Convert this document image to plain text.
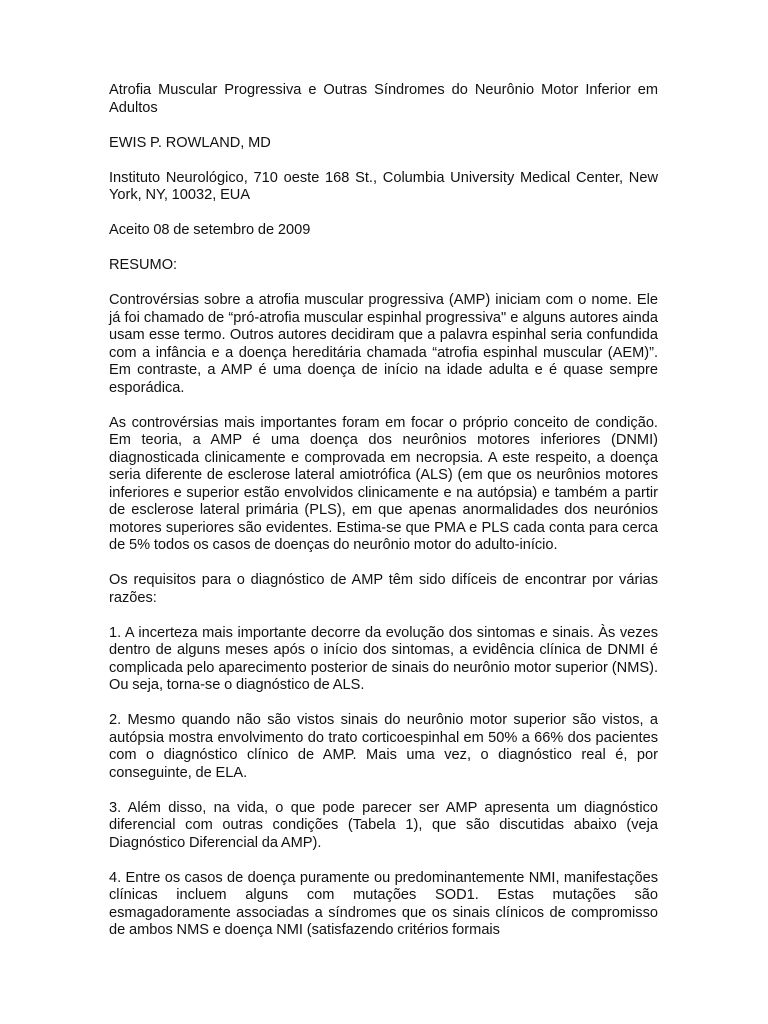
Atrofia Muscular Progressiva e Outras Síndromes do Neurônio Motor Inferior em Adultos

EWIS P. ROWLAND, MD

Instituto Neurológico, 710 oeste 168 St., Columbia University Medical Center, New York, NY, 10032, EUA

Aceito 08 de setembro de 2009

RESUMO:

Controvérsias sobre a atrofia muscular progressiva (AMP) iniciam com o nome. Ele já foi chamado de “pró-atrofia muscular espinhal progressiva" e alguns autores ainda usam esse termo. Outros autores decidiram que a palavra espinhal seria confundida com a infância e a doença hereditária chamada “atrofia espinhal muscular (AEM)”. Em contraste, a AMP é uma doença de início na idade adulta e é quase sempre esporádica.

As controvérsias mais importantes foram em focar o próprio conceito de condição. Em teoria, a AMP é uma doença dos neurônios motores inferiores (DNMI) diagnosticada clinicamente e comprovada em necropsia. A este respeito, a doença seria diferente de esclerose lateral amiotrófica (ALS) (em que os neurônios motores inferiores e superior estão envolvidos clinicamente e na autópsia) e também a partir de esclerose lateral primária (PLS), em que apenas anormalidades dos neurónios motores superiores são evidentes. Estima-se que PMA e PLS cada conta para cerca de 5% todos os casos de doenças do neurônio motor do adulto-início.

Os requisitos para o diagnóstico de AMP têm sido difíceis de encontrar por várias razões:

1. A incerteza mais importante decorre da evolução dos sintomas e sinais. Às vezes dentro de alguns meses após o início dos sintomas, a evidência clínica de DNMI é complicada pelo aparecimento posterior de sinais do neurônio motor superior (NMS). Ou seja, torna-se o diagnóstico de ALS.

2. Mesmo quando não são vistos sinais do neurônio motor superior são vistos, a autópsia mostra envolvimento do trato corticoespinhal em 50% a 66% dos pacientes com o diagnóstico clínico de AMP. Mais uma vez, o diagnóstico real é, por conseguinte, de ELA.

3. Além disso, na vida, o que pode parecer ser AMP apresenta um diagnóstico diferencial com outras condições (Tabela 1), que são discutidas abaixo (veja Diagnóstico Diferencial da AMP).

4. Entre os casos de doença puramente ou predominantemente NMI, manifestações clínicas incluem alguns com mutações SOD1. Estas mutações são esmagadoramente associadas a síndromes que os sinais clínicos de compromisso de ambos NMS e doença NMI (satisfazendo critérios formais
